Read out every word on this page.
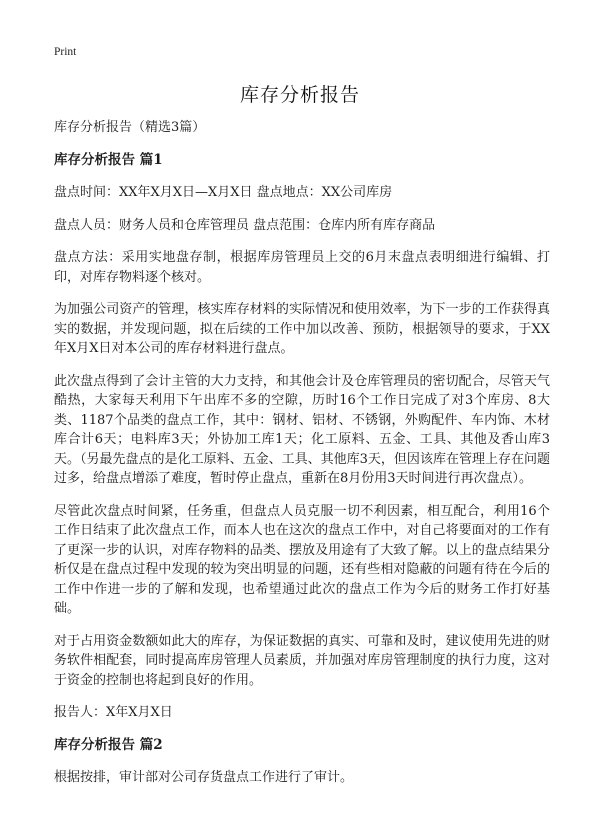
Print
库存分析报告

库存分析报告（精选3篇）

库存分析报告 篇1

盘点时间：XX年X月X日—X月X日 盘点地点：XX公司库房

盘点人员：财务人员和仓库管理员 盘点范围：仓库内所有库存商品

盘点方法：采用实地盘存制，根据库房管理员上交的6月末盘点表明细进行编辑、打印，对库存物料逐个核对。

为加强公司资产的管理，核实库存材料的实际情况和使用效率，为下一步的工作获得真实的数据，并发现问题，拟在后续的工作中加以改善、预防，根据领导的要求，于XX年X月X日对本公司的库存材料进行盘点。

此次盘点得到了会计主管的大力支持，和其他会计及仓库管理员的密切配合，尽管天气酷热，大家每天利用下午出库不多的空隙，历时16个工作日完成了对3个库房、8大类、1187个品类的盘点工作，其中：钢材、铝材、不锈钢，外购配件、车内饰、木材库合计6天；电料库3天；外协加工库1天；化工原料、五金、工具、其他及香山库3天。（另最先盘点的是化工原料、五金、工具、其他库3天，但因该库在管理上存在问题过多，给盘点增添了难度，暂时停止盘点，重新在8月份用3天时间进行再次盘点）。

尽管此次盘点时间紧，任务重，但盘点人员克服一切不利因素，相互配合，利用16个工作日结束了此次盘点工作，而本人也在这次的盘点工作中，对自己将要面对的工作有了更深一步的认识，对库存物料的品类、摆放及用途有了大致了解。以上的盘点结果分析仅是在盘点过程中发现的较为突出明显的问题，还有些相对隐蔽的问题有待在今后的工作中作进一步的了解和发现，也希望通过此次的盘点工作为今后的财务工作打好基础。

对于占用资金数额如此大的库存，为保证数据的真实、可靠和及时，建议使用先进的财务软件相配套，同时提高库房管理人员素质，并加强对库房管理制度的执行力度，这对于资金的控制也将起到良好的作用。

报告人：X年X月X日

库存分析报告 篇2

根据按排，审计部对公司存货盘点工作进行了审计。
